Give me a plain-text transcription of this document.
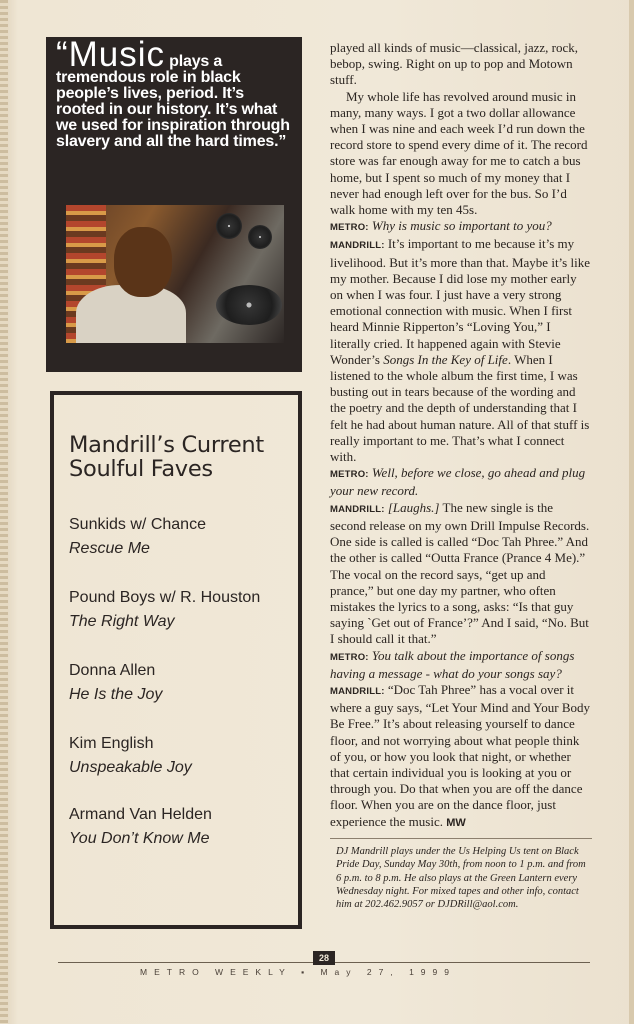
“Music plays a tremendous role in black people’s lives, period. It’s rooted in our history. It’s what we used for inspiration through slavery and all the hard times.”
Mandrill’s Current
Soulful Faves
Sunkids w/ Chance
Rescue Me
Pound Boys w/ R. Houston
The Right Way
Donna Allen
He Is the Joy
Kim English
Unspeakable Joy
Armand Van Helden
You Don’t Know Me

played all kinds of music—classical, jazz, rock, bebop, swing. Right on up to pop and Motown stuff.

My whole life has revolved around music in many, many ways. I got a two dollar allowance when I was nine and each week I’d run down the record store to spend every dime of it. The record store was far enough away for me to catch a bus home, but I spent so much of my money that I never had enough left over for the bus. So I’d walk home with my ten 45s.

METRO: Why is music so important to you?

MANDRILL: It’s important to me because it’s my livelihood. But it’s more than that. Maybe it’s like my mother. Because I did lose my mother early on when I was four. I just have a very strong emotional connection with music. When I first heard Minnie Ripperton’s “Loving You,” I literally cried. It happened again with Stevie Wonder’s Songs In the Key of Life. When I listened to the whole album the first time, I was busting out in tears because of the wording and the poetry and the depth of understanding that I felt he had about human nature. All of that stuff is really important to me. That’s what I connect with.

METRO: Well, before we close, go ahead and plug your new record.

MANDRILL: [Laughs.] The new single is the second release on my own Drill Impulse Records. One side is called is called “Doc Tah Phree.” And the other is called “Outta France (Prance 4 Me).” The vocal on the record says, “get up and prance,” but one day my partner, who often mistakes the lyrics to a song, asks: “Is that guy saying `Get out of France’?” And I said, “No. But I should call it that.”

METRO: You talk about the importance of songs having a message - what do your songs say?

MANDRILL: “Doc Tah Phree” has a vocal over it where a guy says, “Let Your Mind and Your Body Be Free.” It’s about releasing yourself to dance floor, and not worrying about what people think of you, or how you look that night, or whether that certain individual you is looking at you or through you. Do that when you are off the dance floor. When you are on the dance floor, just experience the music. MW

DJ Mandrill plays under the Us Helping Us tent on Black Pride Day, Sunday May 30th, from noon to 1 p.m. and from 6 p.m. to 8 p.m. He also plays at the Green Lantern every Wednesday night. For mixed tapes and other info, contact him at 202.462.9057 or DJDRill@aol.com.
28
METRO WEEKLY ▪ May 27, 1999
